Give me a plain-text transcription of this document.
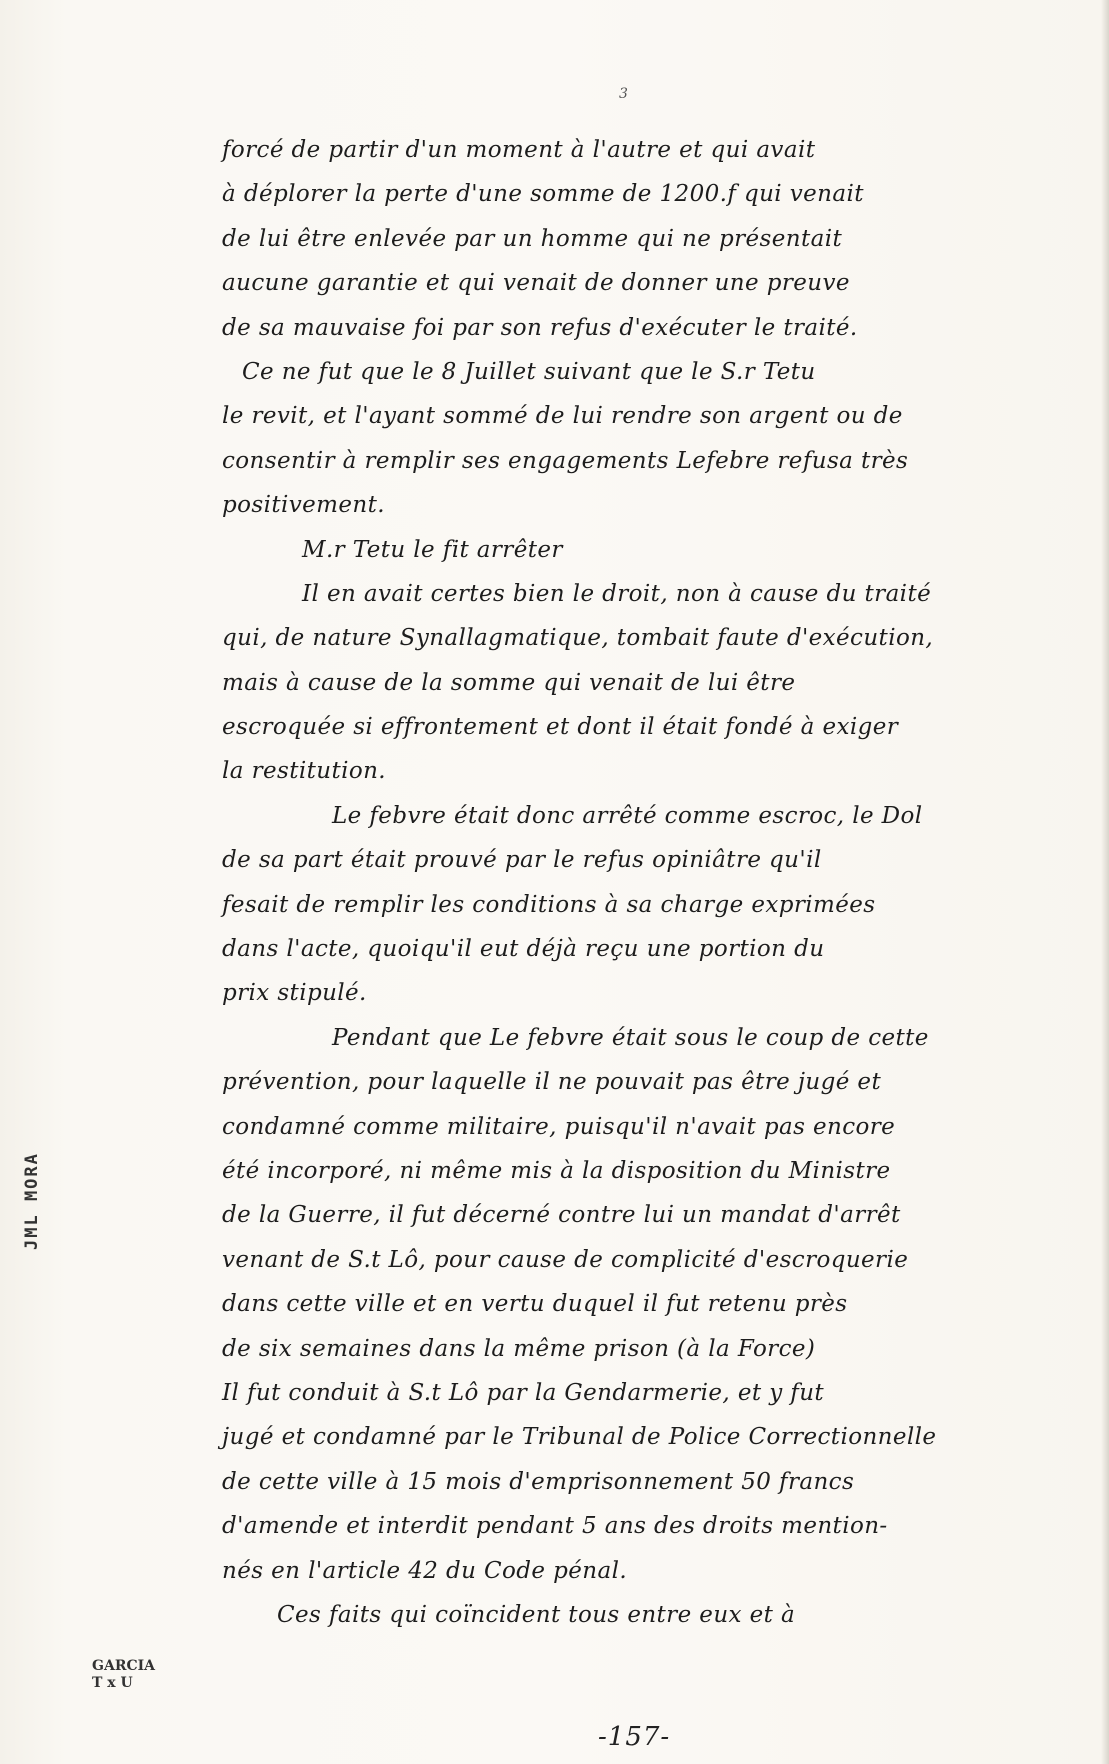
3
forcé de partir d'un moment à l'autre et qui avait
à déplorer la perte d'une somme de 1200.f qui venait
de lui être enlevée par un homme qui ne présentait
aucune garantie et qui venait de donner une preuve
de sa mauvaise foi par son refus d'exécuter le traité.
Ce ne fut que le 8 Juillet suivant que le S.r Tetu
le revit, et l'ayant sommé de lui rendre son argent ou de
consentir à remplir ses engagements Lefebre refusa très
positivement.
M.r Tetu le fit arrêter
Il en avait certes bien le droit, non à cause du traité
qui, de nature Synallagmatique, tombait faute d'exécution,
mais à cause de la somme qui venait de lui être
escroquée si effrontement et dont il était fondé à exiger
la restitution.
Le febvre était donc arrêté comme escroc, le Dol
de sa part était prouvé par le refus opiniâtre qu'il
fesait de remplir les conditions à sa charge exprimées
dans l'acte, quoiqu'il eut déjà reçu une portion du
prix stipulé.
Pendant que Le febvre était sous le coup de cette
prévention, pour laquelle il ne pouvait pas être jugé et
condamné comme militaire, puisqu'il n'avait pas encore
été incorporé, ni même mis à la disposition du Ministre
de la Guerre, il fut décerné contre lui un mandat d'arrêt
venant de S.t Lô, pour cause de complicité d'escroquerie
dans cette ville et en vertu duquel il fut retenu près
de six semaines dans la même prison (à la Force)
Il fut conduit à S.t Lô par la Gendarmerie, et y fut
jugé et condamné par le Tribunal de Police Correctionnelle
de cette ville à 15 mois d'emprisonnement 50 francs
d'amende et interdit pendant 5 ans des droits mention-
nés en l'article 42 du Code pénal.
Ces faits qui coïncident tous entre eux et à
JML MORA
GARCIA
T x U
-157-
